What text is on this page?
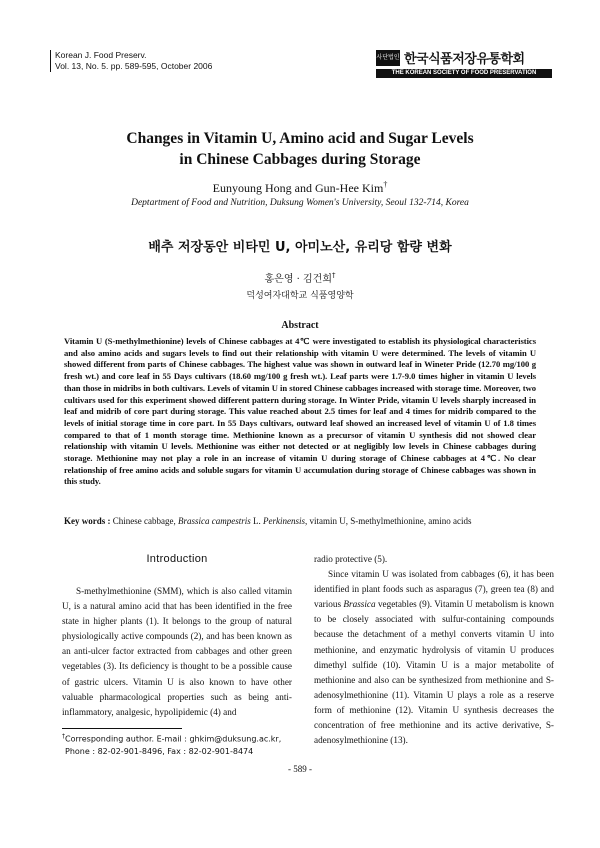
Korean J. Food Preserv.
Vol. 13, No. 5. pp. 589-595, October 2006
사단법인 한국식품저장유통학회
THE KOREAN SOCIETY OF FOOD PRESERVATION
Changes in Vitamin U, Amino acid and Sugar Levels
in Chinese Cabbages during Storage
Eunyoung Hong and Gun-Hee Kim†
Deptartment of Food and Nutrition, Duksung Women's University, Seoul 132-714, Korea
배추 저장동안 비타민 U, 아미노산, 유리당 함량 변화
홍은영 · 김건희†
덕성여자대학교 식품영양학
Abstract
Vitamin U (S-methylmethionine) levels of Chinese cabbages at 4℃ were investigated to establish its physiological characteristics and also amino acids and sugars levels to find out their relationship with vitamin U were determined. The levels of vitamin U showed different from parts of Chinese cabbages. The highest value was shown in outward leaf in Wineter Pride (12.70 mg/100 g fresh wt.) and core leaf in 55 Days cultivars (18.60 mg/100 g fresh wt.). Leaf parts were 1.7-9.0 times higher in vitamin U levels than those in midribs in both cultivars. Levels of vitamin U in stored Chinese cabbages increased with storage time. Moreover, two cultivars used for this experiment showed different pattern during storage. In Winter Pride, vitamin U levels sharply increased in leaf and midrib of core part during storage. This value reached about 2.5 times for leaf and 4 times for midrib compared to the levels of initial storage time in core part. In 55 Days cultivars, outward leaf showed an increased level of vitamin U of 1.8 times compared to that of 1 month storage time. Methionine known as a precursor of vitamin U synthesis did not showed clear relationship with vitamin U levels. Methionine was either not detected or at negligibly low levels in Chinese cabbages during storage. Methionine may not play a role in an increase of vitamin U during storage of Chinese cabbages at 4℃. No clear relationship of free amino acids and soluble sugars for vitamin U accumulation during storage of Chinese cabbages was shown in this study.
Key words : Chinese cabbage, Brassica campestris L. Perkinensis, vitamin U, S-methylmethionine, amino acids
Introduction

S-methylmethionine (SMM), which is also called vitamin U, is a natural amino acid that has been identified in the free state in higher plants (1). It belongs to the group of natural physiologically active compounds (2), and has been known as an anti-ulcer factor extracted from cabbages and other green vegetables (3). Its deficiency is thought to be a possible cause of gastric ulcers. Vitamin U is also known to have other valuable pharmacological properties such as being anti-inflammatory, analgesic, hypolipidemic (4) and

radio protective (5).

Since vitamin U was isolated from cabbages (6), it has been identified in plant foods such as asparagus (7), green tea (8) and various Brassica vegetables (9). Vitamin U metabolism is known to be closely associated with sulfur-containing compounds because the detachment of a methyl converts vitamin U into methionine, and enzymatic hydrolysis of vitamin U produces dimethyl sulfide (10). Vitamin U is a major metabolite of methionine and also can be synthesized from methionine and S-adenosylmethionine (11). Vitamin U plays a role as a reserve form of methionine (12). Vitamin U synthesis decreases the concentration of free methionine and its active derivative, S-adenosylmethionine (13).

†Corresponding author. E-mail : ghkim@duksung.ac.kr,
Phone : 82-02-901-8496, Fax : 82-02-901-8474
- 589 -
